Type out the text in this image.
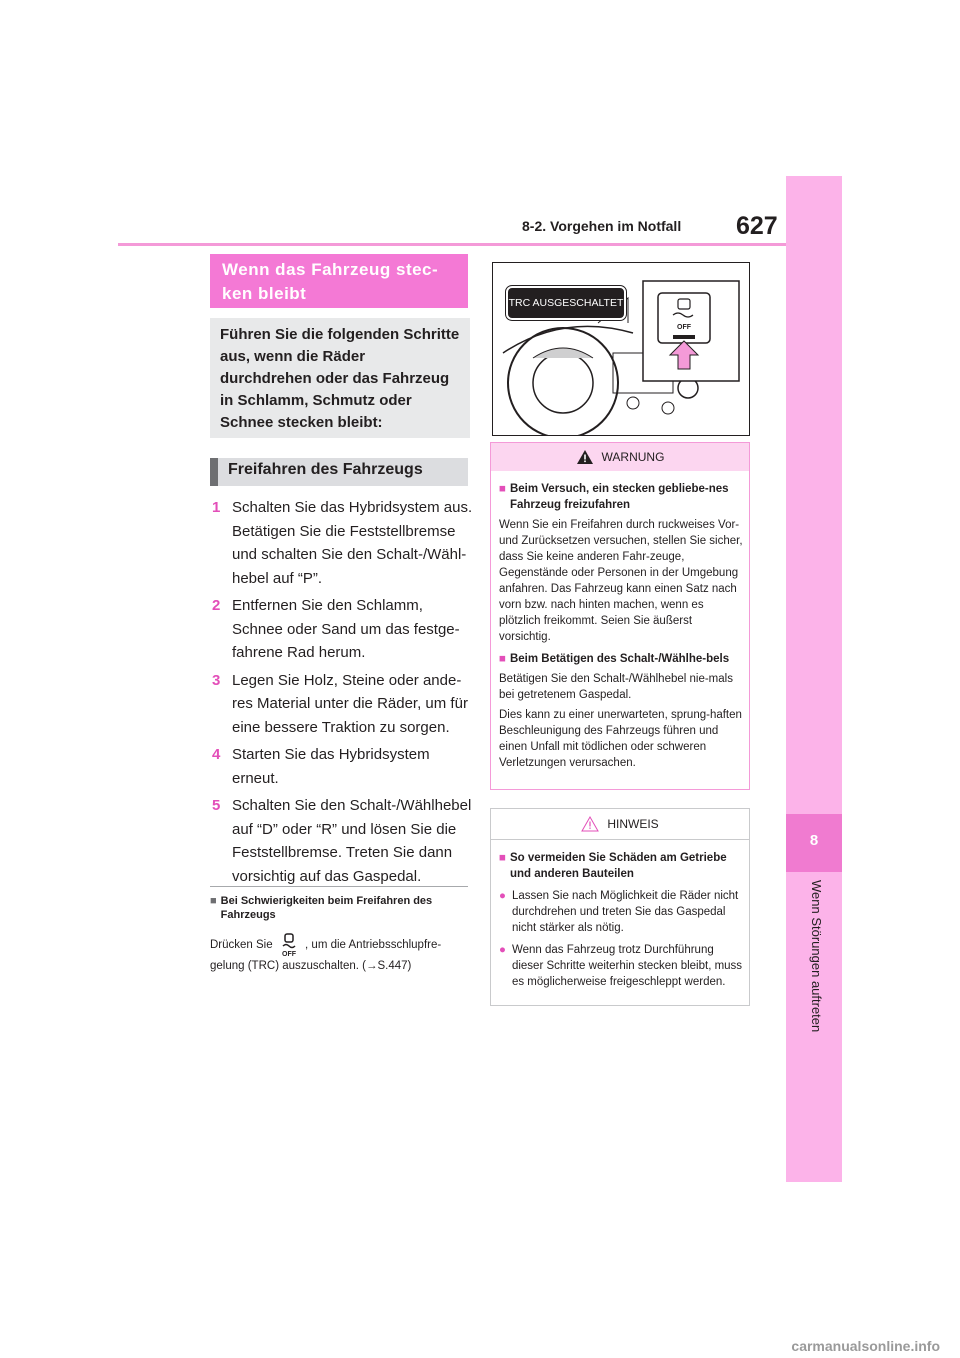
8-2. Vorgehen im Notfall 627
8
Wenn Störungen auftreten
Wenn das Fahrzeug stec-ken bleibt
Führen Sie die folgenden Schritte aus, wenn die Räder durchdrehen oder das Fahrzeug in Schlamm, Schmutz oder Schnee stecken bleibt:
Freifahren des Fahrzeugs
1 Schalten Sie das Hybridsystem aus. Betätigen Sie die Feststellbremse und schalten Sie den Schalt-/Wähl-hebel auf “P”.
2 Entfernen Sie den Schlamm, Schnee oder Sand um das festge-fahrene Rad herum.
3 Legen Sie Holz, Steine oder ande-res Material unter die Räder, um für eine bessere Traktion zu sorgen.
4 Starten Sie das Hybridsystem erneut.
5 Schalten Sie den Schalt-/Wählhebel auf “D” oder “R” und lösen Sie die Feststellbremse. Treten Sie dann vorsichtig auf das Gaspedal.
■ Bei Schwierigkeiten beim Freifahren des Fahrzeugs
Drücken Sie
OFF
, um die Antriebsschlupfre-gelung (TRC) auszuschalten. (→S.447)
OFF
TRC AUSGESCHALTET
WARNUNG
■ Beim Versuch, ein stecken gebliebe-nes Fahrzeug freizufahren

Wenn Sie ein Freifahren durch ruckweises Vor- und Zurücksetzen versuchen, stellen Sie sicher, dass Sie keine anderen Fahr-zeuge, Gegenstände oder Personen in der Umgebung anfahren. Das Fahrzeug kann einen Satz nach vorn bzw. nach hinten machen, wenn es plötzlich freikommt. Seien Sie äußerst vorsichtig.

■ Beim Betätigen des Schalt-/Wählhe-bels

Betätigen Sie den Schalt-/Wählhebel nie-mals bei getretenem Gaspedal.

Dies kann zu einer unerwarteten, sprung-haften Beschleunigung des Fahrzeugs führen und einen Unfall mit tödlichen oder schweren Verletzungen verursachen.

HINWEIS
■ So vermeiden Sie Schäden am Getriebe und anderen Bauteilen
● Lassen Sie nach Möglichkeit die Räder nicht durchdrehen und treten Sie das Gaspedal nicht stärker als nötig.
● Wenn das Fahrzeug trotz Durchführung dieser Schritte weiterhin stecken bleibt, muss es möglicherweise freigeschleppt werden.
carmanualsonline.info
